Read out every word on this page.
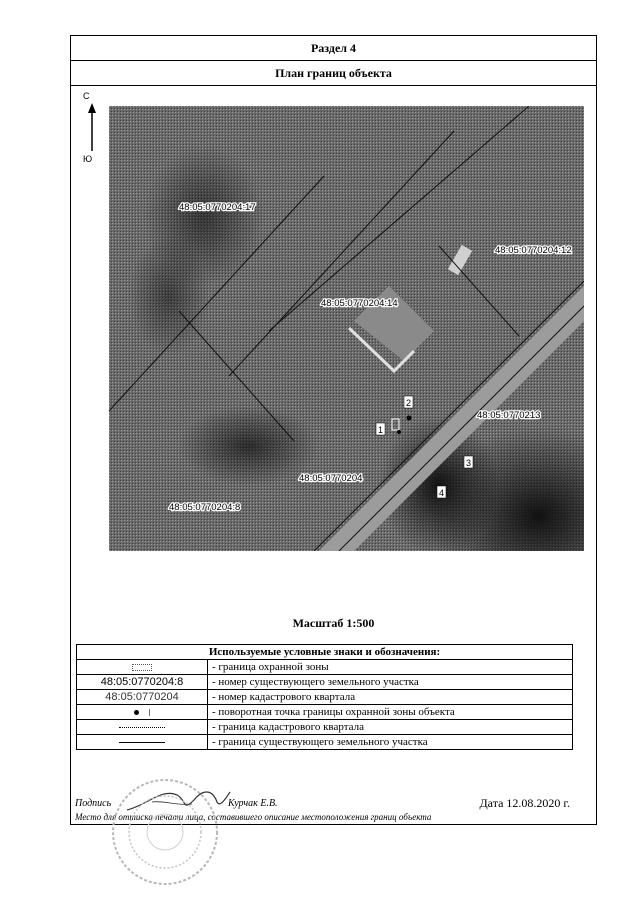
Раздел 4
План границ объекта
С
Ю
48:05:0770204:17
48:05:0770204:12
48:05:0770204:14
48:05:0770213
48:05:0770204
48:05:0770204:8
2
1
3
4
Масштаб 1:500
Используемые условные знаки и обозначения:	
	- граница охранной зоны
48:05:0770204:8	- номер существующего земельного участка
48:05:0770204	- номер кадастрового квартала
	- поворотная точка границы охранной зоны объекта
	- граница кадастрового квартала
	- граница существующего земельного участка
Подпись	Курчак Е.В.	Дата 12.08.2020 г.
Место для оттиска печати лица, составившего описание местоположения границ объекта
